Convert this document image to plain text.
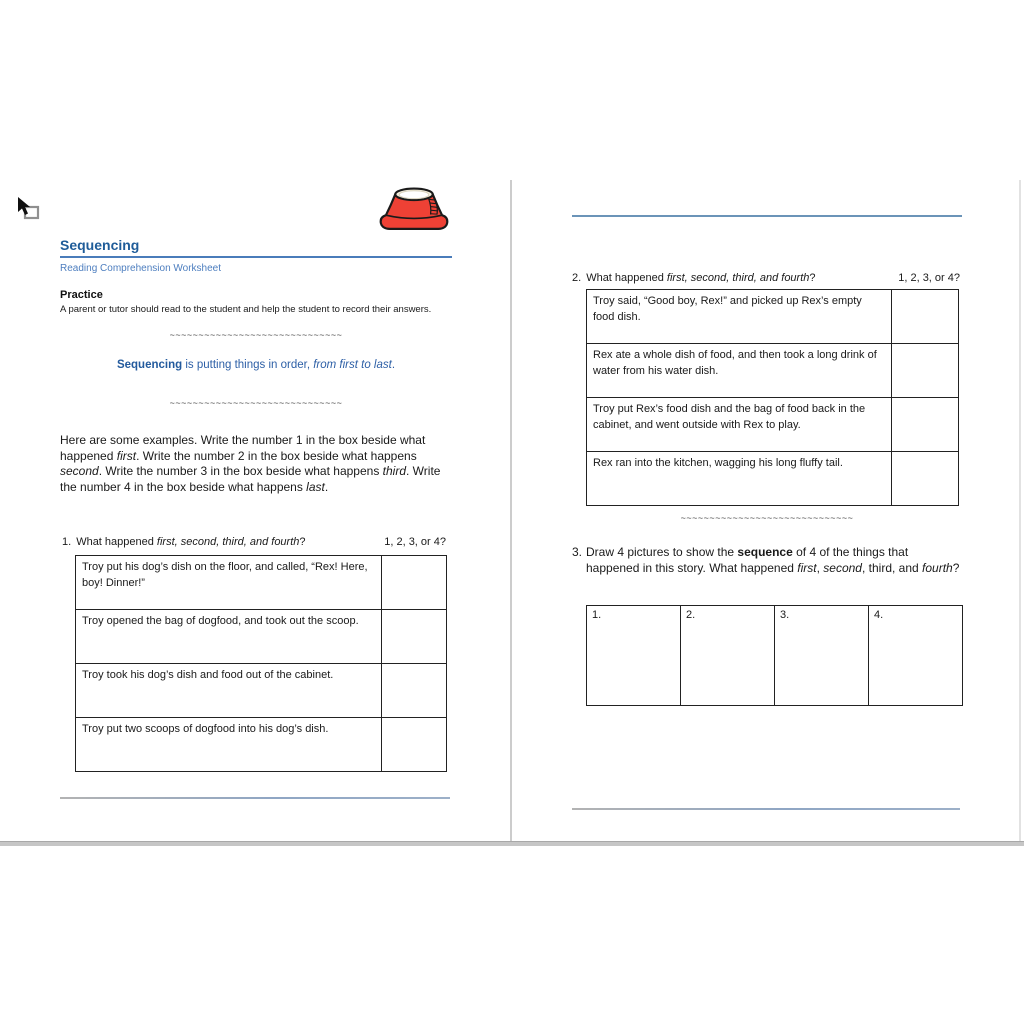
Sequencing
Reading Comprehension Worksheet
Practice
A parent or tutor should read to the student and help the student to record their answers.
~~~~~~~~~~~~~~~~~~~~~~~~~~~~~~
Sequencing is putting things in order, from first to last.
~~~~~~~~~~~~~~~~~~~~~~~~~~~~~~
Here are some examples. Write the number 1 in the box beside what happened first. Write the number 2 in the box beside what happens second. Write the number 3 in the box beside what happens third. Write the number 4 in the box beside what happens last.
1. What happened first, second, third, and fourth?	1, 2, 3, or 4?
Troy put his dog’s dish on the floor, and called, “Rex! Here, boy! Dinner!”	
Troy opened the bag of dogfood, and took out the scoop.	
Troy took his dog’s dish and food out of the cabinet.	
Troy put two scoops of dogfood into his dog’s dish.	
2. What happened first, second, third, and fourth?	1, 2, 3, or 4?
Troy said, “Good boy, Rex!” and picked up Rex’s empty food dish.	
Rex ate a whole dish of food, and then took a long drink of water from his water dish.	
Troy put Rex’s food dish and the bag of food back in the cabinet, and went outside with Rex to play.	
Rex ran into the kitchen, wagging his long fluffy tail.	
~~~~~~~~~~~~~~~~~~~~~~~~~~~~~~
3. Draw 4 pictures to show the sequence of 4 of the things that happened in this story. What happened first, second, third, and fourth?
1.	2.	3.	4.
